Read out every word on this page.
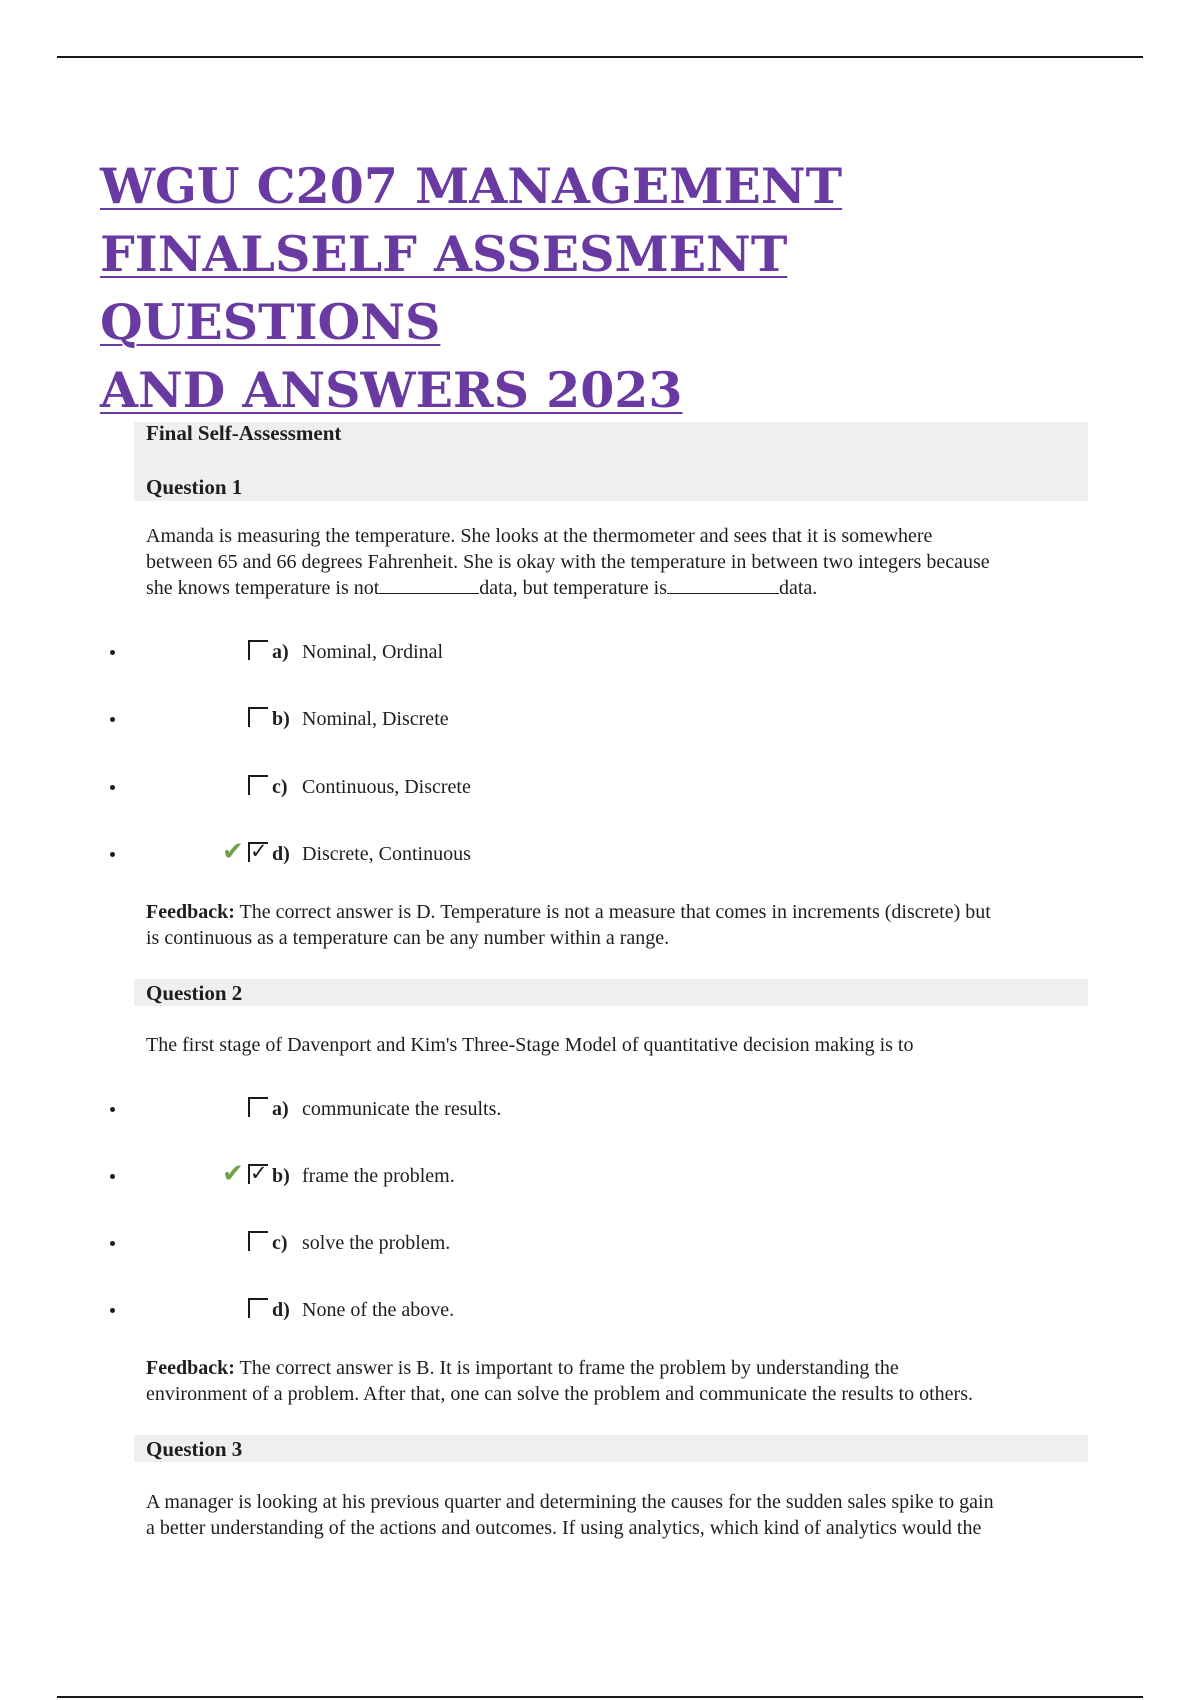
WGU C207 MANAGEMENT
FINALSELF ASSESMENT QUESTIONS
AND ANSWERS 2023

Final Self-Assessment

Question 1

Amanda is measuring the temperature. She looks at the thermometer and sees that it is somewhere
between 65 and 66 degrees Fahrenheit. She is okay with the temperature in between two integers because
she knows temperature is not	data, but temperature is	data.
a) Nominal, Ordinal
b) Nominal, Discrete
c) Continuous, Discrete
✔ ✓ d) Discrete, Continuous
Feedback: The correct answer is D. Temperature is not a measure that comes in increments (discrete) but
is continuous as a temperature can be any number within a range.

Question 2

The first stage of Davenport and Kim's Three-Stage Model of quantitative decision making is to

a) communicate the results.
✔ ✓ b) frame the problem.
c) solve the problem.
d) None of the above.
Feedback: The correct answer is B. It is important to frame the problem by understanding the
environment of a problem. After that, one can solve the problem and communicate the results to others.

Question 3

A manager is looking at his previous quarter and determining the causes for the sudden sales spike to gain
a better understanding of the actions and outcomes. If using analytics, which kind of analytics would the
